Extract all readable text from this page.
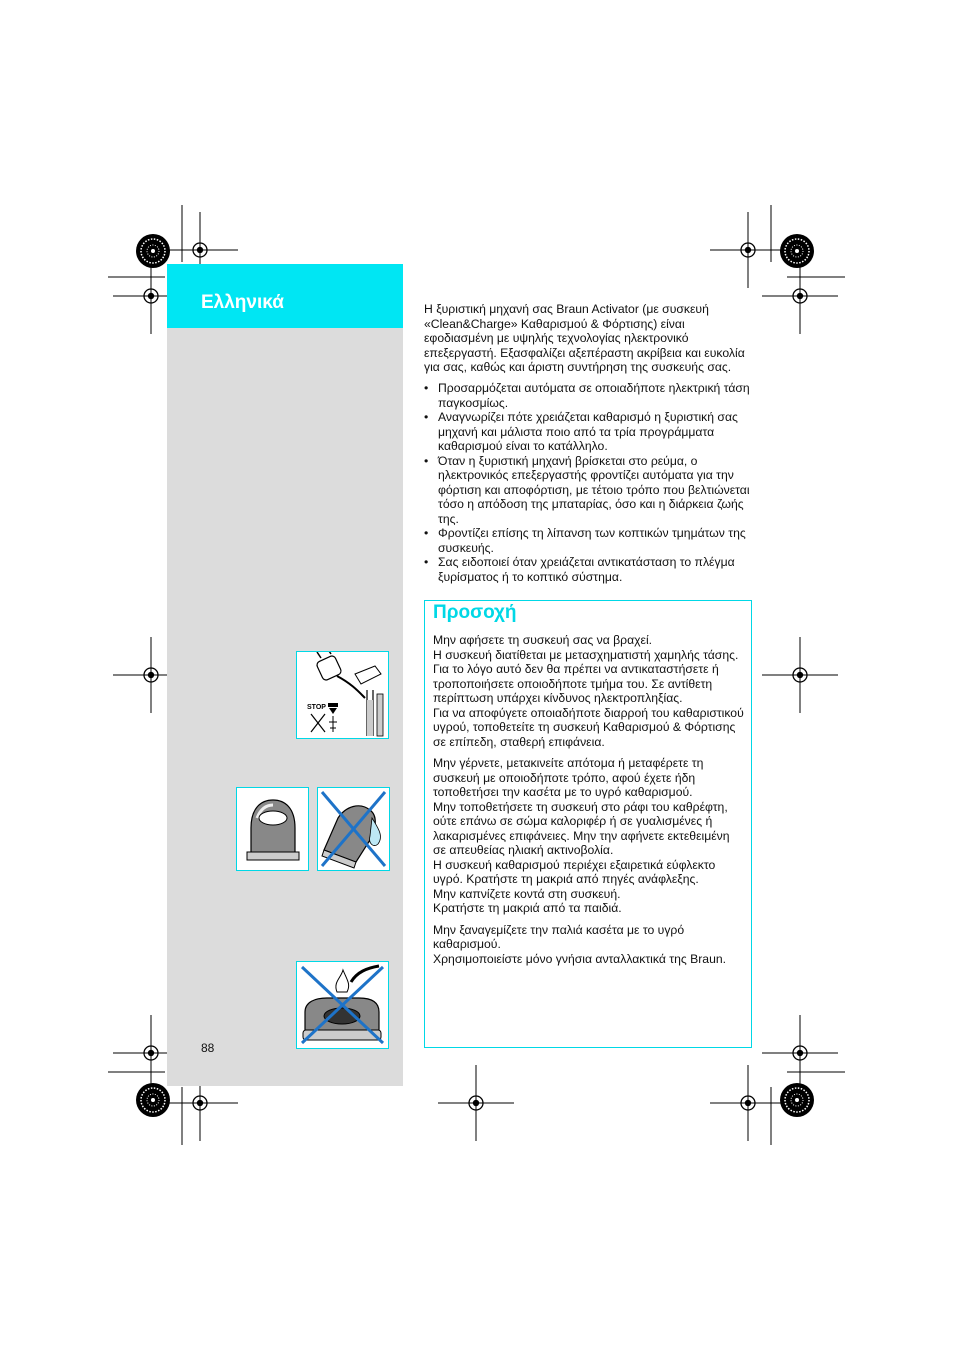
Ελληνικά
88
STOP
Η ξυριστική μηχανή σας Braun Activator (με συσκευή «Clean&Charge» Καθαρισμού & Φόρτισης) είναι εφοδιασμένη με υψηλής τεχνολογίας ηλεκτρονικό επεξεργαστή. Εξασφαλίζει αξεπέραστη ακρίβεια και ευκολία για σας, καθώς και άριστη συντήρηση της συσκευής σας.
• Προσαρμόζεται αυτόματα σε οποιαδήποτε ηλεκτρική τάση παγκοσμίως.
• Αναγνωρίζει πότε χρειάζεται καθαρισμό η ξυριστική σας μηχανή και μάλιστα ποιο από τα τρία προγράμματα καθαρισμού είναι το κατάλληλο.
• Όταν η ξυριστική μηχανή βρίσκεται στο ρεύμα, ο ηλεκτρονικός επεξεργαστής φροντίζει αυτόματα για την φόρτιση και αποφόρτιση, με τέτοιο τρόπο που βελτιώνεται τόσο η απόδοση της μπαταρίας, όσο και η διάρκεια ζωής της.
• Φροντίζει επίσης τη λίπανση των κοπτικών τμημάτων της συσκευής.
• Σας ειδοποιεί όταν χρειάζεται αντικατάσταση το πλέγμα ξυρίσματος ή το κοπτικό σύστημα.
Προσοχή

Μην αφήσετε τη συσκευή σας να βραχεί.
Η συσκευή διατίθεται με μετασχηματιστή χαμηλής τάσης. Για το λόγο αυτό δεν θα πρέπει να αντικαταστήσετε ή τροποποιήσετε οποιοδήποτε τμήμα του. Σε αντίθετη περίπτωση υπάρχει κίνδυνος ηλεκτροπληξίας.
Για να αποφύγετε οποιαδήποτε διαρροή του καθαριστικού υγρού, τοποθετείτε τη συσκευή Καθαρισμού & Φόρτισης σε επίπεδη, σταθερή επιφάνεια.

Μην γέρνετε, μετακινείτε απότομα ή μεταφέρετε τη συσκευή με οποιοδήποτε τρόπο, αφού έχετε ήδη τοποθετήσει την κασέτα με το υγρό καθαρισμού.
Μην τοποθετήσετε τη συσκευή στο ράφι του καθρέφτη, ούτε επάνω σε σώμα καλοριφέρ ή σε γυαλισμένες ή λακαρισμένες επιφάνειες. Μην την αφήνετε εκτεθειμένη σε απευθείας ηλιακή ακτινοβολία.
Η συσκευή καθαρισμού περιέχει εξαιρετικά εύφλεκτο υγρό. Κρατήστε τη μακριά από πηγές ανάφλεξης.
Μην καπνίζετε κοντά στη συσκευή.
Κρατήστε τη μακριά από τα παιδιά.

Μην ξαναγεμίζετε την παλιά κασέτα με το υγρό καθαρισμού.
Χρησιμοποιείστε μόνο γνήσια ανταλλακτικά της Braun.
